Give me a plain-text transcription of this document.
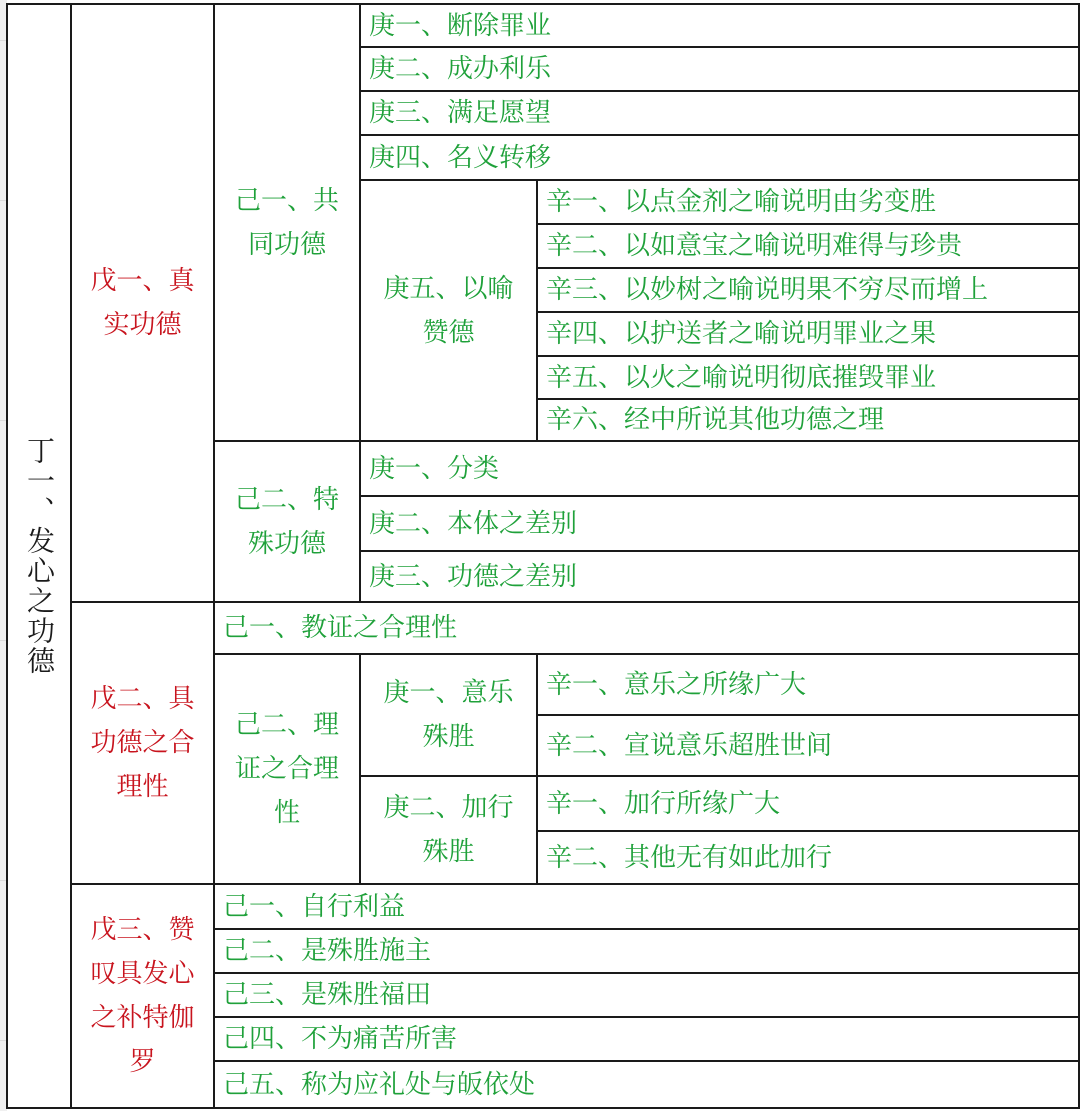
丁一、发心之功德
戊一、真
实功德
戊二、具
功德之合
理性
戊三、赞
叹具发心
之补特伽
罗
己一、共
同功德
己二、特
殊功德
庚一、断除罪业
庚二、成办利乐
庚三、满足愿望
庚四、名义转移
庚五、以喻
赞德
辛一、以点金剂之喻说明由劣变胜
辛二、以如意宝之喻说明难得与珍贵
辛三、以妙树之喻说明果不穷尽而增上
辛四、以护送者之喻说明罪业之果
辛五、以火之喻说明彻底摧毁罪业
辛六、经中所说其他功德之理
庚一、分类
庚二、本体之差别
庚三、功德之差别
己一、教证之合理性
己二、理
证之合理
性
庚一、意乐
殊胜
庚二、加行
殊胜
辛一、意乐之所缘广大
辛二、宣说意乐超胜世间
辛一、加行所缘广大
辛二、其他无有如此加行
己一、自行利益
己二、是殊胜施主
己三、是殊胜福田
己四、不为痛苦所害
己五、称为应礼处与皈依处
